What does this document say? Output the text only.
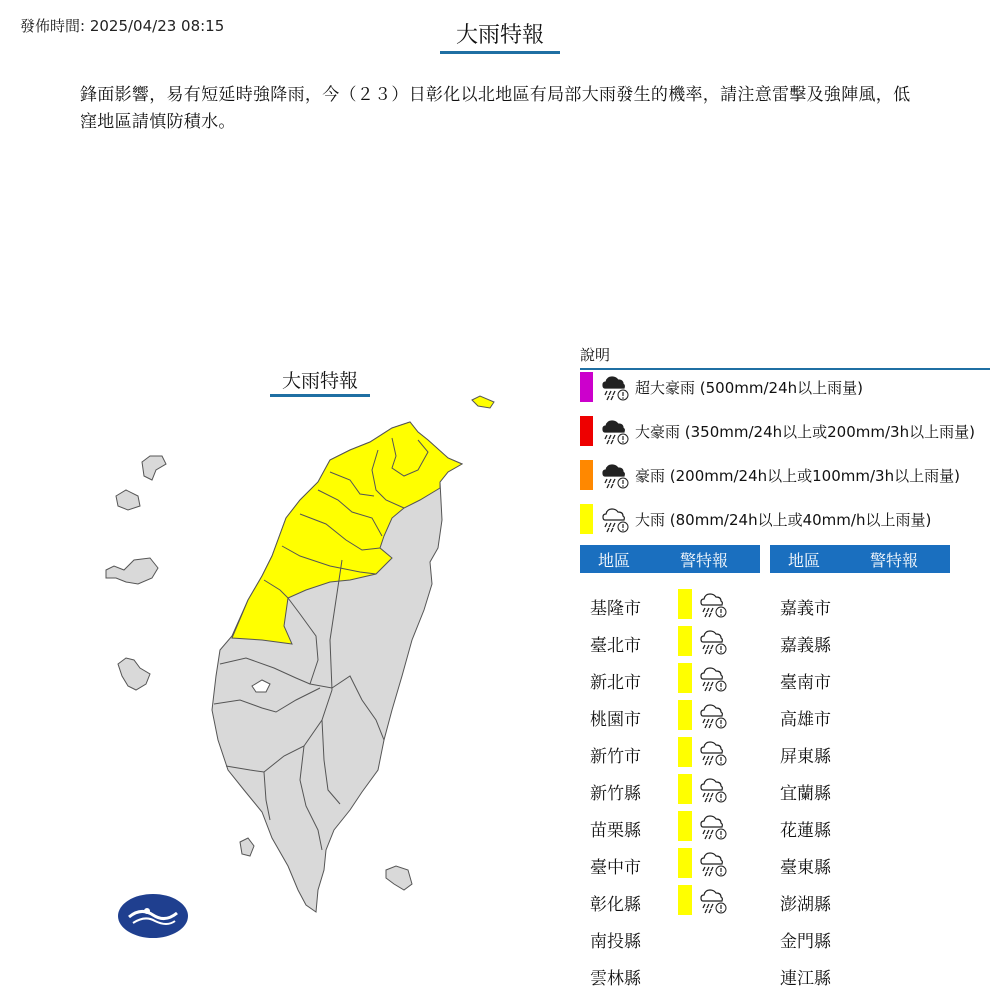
發佈時間: 2025/04/23 08:15	大雨特報
鋒面影響，易有短延時強降雨，今（２３）日彰化以北地區有局部大雨發生的機率，請注意雷擊及強陣風，低窪地區請慎防積水。
大雨特報
說明
超大豪雨 (500mm/24h以上雨量)
大豪雨 (350mm/24h以上或200mm/3h以上雨量)
豪雨 (200mm/24h以上或100mm/3h以上雨量)
大雨 (80mm/24h以上或40mm/h以上雨量)
地區	警特報
基隆市
臺北市
新北市
桃園市
新竹市
新竹縣
苗栗縣
臺中市
彰化縣
南投縣
雲林縣
地區	警特報
嘉義市
嘉義縣
臺南市
高雄市
屏東縣
宜蘭縣
花蓮縣
臺東縣
澎湖縣
金門縣
連江縣
